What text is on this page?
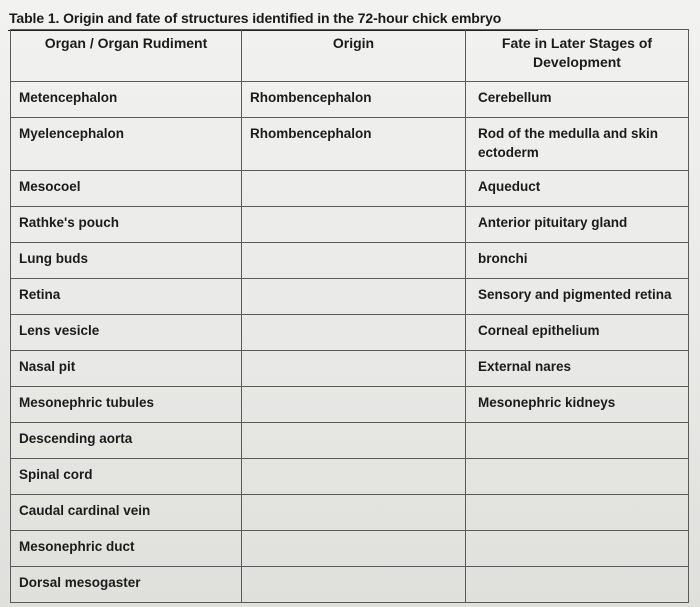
Table 1. Origin and fate of structures identified in the 72-hour chick embryo
Organ / Organ Rudiment	Origin	Fate in Later Stages of Development
Metencephalon	Rhombencephalon	Cerebellum
Myelencephalon	Rhombencephalon	Rod of the medulla and skin ectoderm
Mesocoel		Aqueduct
Rathke's pouch		Anterior pituitary gland
Lung buds		bronchi
Retina		Sensory and pigmented retina
Lens vesicle		Corneal epithelium
Nasal pit		External nares
Mesonephric tubules		Mesonephric kidneys
Descending aorta		
Spinal cord		
Caudal cardinal vein		
Mesonephric duct		
Dorsal mesogaster		
